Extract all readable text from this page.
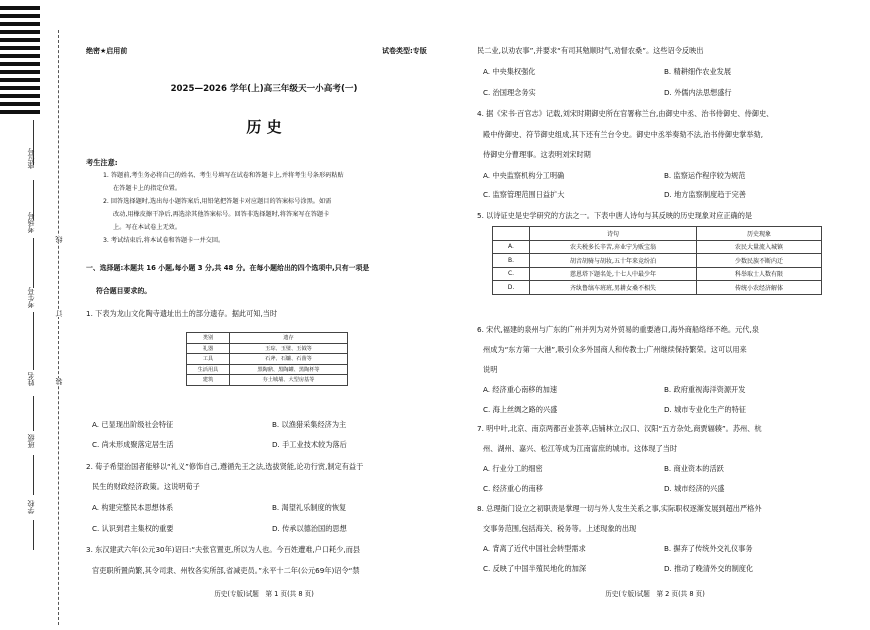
座位号
考场号
考生号
姓名
班级
学校
线
订
装
绝密★启用前	试卷类型:专版
2025—2026 学年(上)高三年级天一小高考(一)
历 史
考生注意:
1. 答题前,考生务必将自己的姓名、考生号填写在试卷和答题卡上,并将考生号条形码粘贴
在答题卡上的指定位置。
2. 回答选择题时,选出每小题答案后,用铅笔把答题卡对应题目的答案标号涂黑。如需
改动,用橡皮擦干净后,再选涂其他答案标号。回答非选择题时,将答案写在答题卡
上。写在本试卷上无效。
3. 考试结束后,将本试卷和答题卡一并交回。
一、选择题:本题共 16 小题,每小题 3 分,共 48 分。在每小题给出的四个选项中,只有一项是
符合题目要求的。
1. 下表为龙山文化陶寺遗址出土的部分遗存。据此可知,当时
类别	遗存
礼器	玉琮、玉璧、玉钺等
工具	石斧、石镰、石凿等
生活用具	黑陶鼎、黑陶罐、黑陶杯等
建筑	夯土城墙、大型房基等
A. 已显现出阶级社会特征	B. 以渔猎采集经济为主
C. 尚未形成聚落定居生活	D. 手工业技术较为落后
2. 荀子希望治国者能够以“礼义”修饰自己,遵循先王之法,选拔贤能,论功行赏,制定有益于
民生的财政经济政策。这说明荀子
A. 构建完整民本思想体系	B. 渴望礼乐制度的恢复
C. 认识到君主集权的重要	D. 传承以德治国的思想
3. 东汉建武六年(公元30年)诏曰:“夫张官置吏,所以为人也。今百姓遭难,户口耗少,而县
官吏职所置尚繁,其令司隶、州牧各实所部,省减吏员。”永平十二年(公元69年)诏令“禁
历史(专版)试题　第 1 页(共 8 页)
民二业,以劝农事”,并要求“有司其勉顺时气,劝督农桑”。这些诏令反映出
A. 中央集权强化	B. 精耕细作农业发展
C. 治国理念务实	D. 外儒内法思想盛行
4. 据《宋书·百官志》记载,刘宋时期御史所在官署称兰台,由御史中丞、治书侍御史、侍御史、
殿中侍御史、符节御史组成,其下还有兰台令史。御史中丞举奏劾不法,治书侍御史掌举劾,
侍御史分曹理事。这表明刘宋时期
A. 中央监察机构分工明确	B. 监察运作程序较为规范
C. 监察管理范围日益扩大	D. 地方监察制度趋于完善
5. 以诗证史是史学研究的方法之一。下表中唐人诗句与其反映的历史现象对应正确的是
	诗句	历史现象
A.	农夫税多长辛苦,弃业宁为贩宝翁	农民大量流入城镇
B.	胡音胡骑与胡妆,五十年来竞纷泊	少数民族不断内迁
C.	慈恩塔下题名处,十七人中最少年	科举取士人数有限
D.	齐纨鲁缟车班班,男耕女桑不相失	传统小农经济解体
6. 宋代,福建的泉州与广东的广州并列为对外贸易的重要港口,海外商船络绎不绝。元代,泉
州成为“东方第一大港”,吸引众多外国商人和传教士;广州继续保持繁荣。这可以用来
说明
A. 经济重心南移的加速	B. 政府重视海洋资源开发
C. 海上丝绸之路的兴盛	D. 城市专业化生产的特征
7. 明中叶,北京、南京两都百业荟萃,店铺林立;汉口、汉阳“五方杂处,商贾辐辏”。苏州、杭
州、湖州、嘉兴、松江等成为江南富庶的城市。这体现了当时
A. 行业分工的细密	B. 商业资本的活跃
C. 经济重心的南移	D. 城市经济的兴盛
8. 总理衙门设立之初职责是掌理一切与外人发生关系之事,实际职权逐渐发展到超出严格外
交事务范围,包括海关、税务等。上述现象的出现
A. 背离了近代中国社会转型需求	B. 摒弃了传统外交礼仪事务
C. 反映了中国半殖民地化的加深	D. 推动了晚清外交的制度化
历史(专版)试题　第 2 页(共 8 页)
